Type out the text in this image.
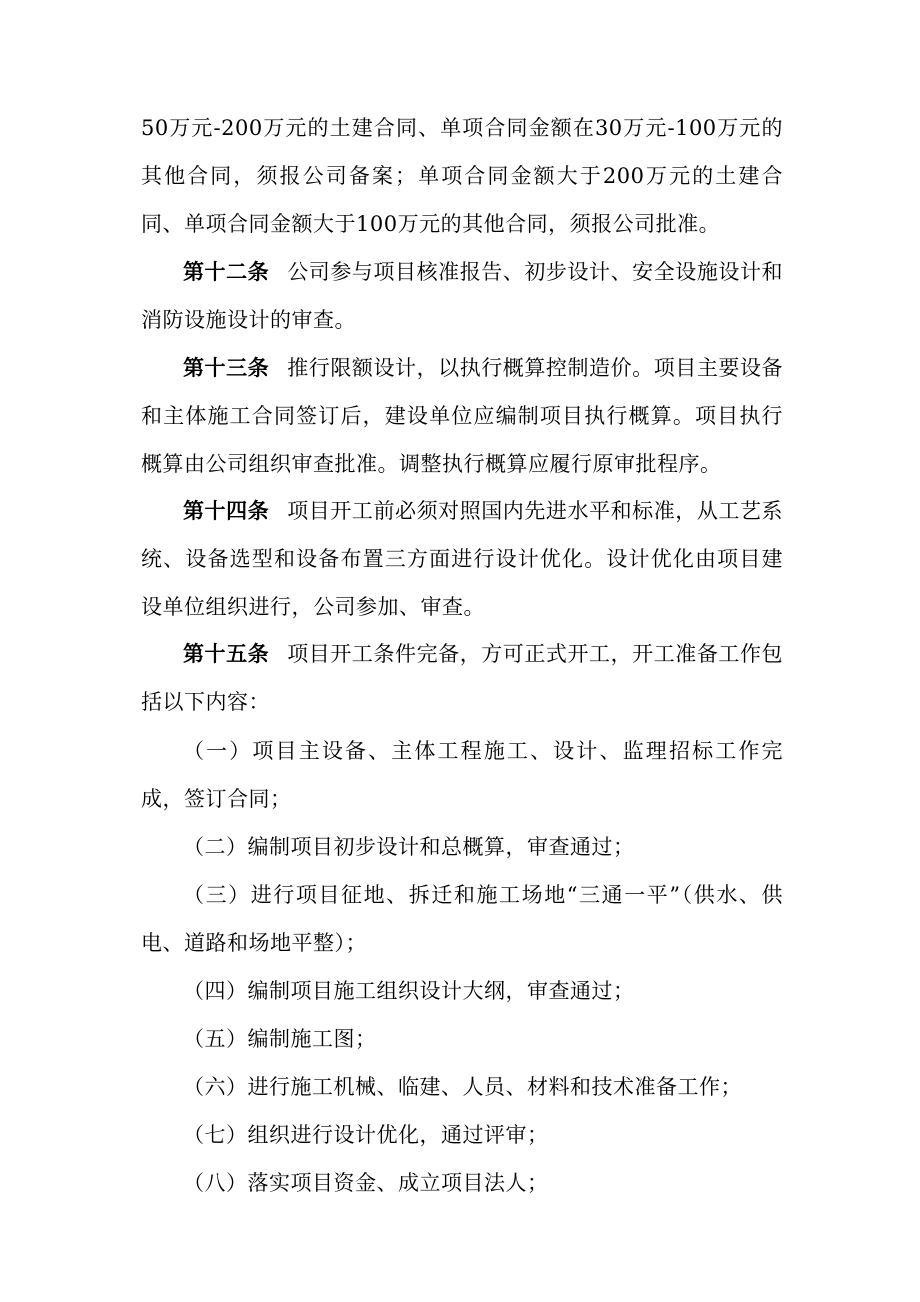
50万元-200万元的土建合同、单项合同金额在30万元-100万元的其他合同，须报公司备案；单项合同金额大于200万元的土建合同、单项合同金额大于100万元的其他合同，须报公司批准。

第十二条 公司参与项目核准报告、初步设计、安全设施设计和消防设施设计的审查。

第十三条 推行限额设计，以执行概算控制造价。项目主要设备和主体施工合同签订后，建设单位应编制项目执行概算。项目执行概算由公司组织审查批准。调整执行概算应履行原审批程序。

第十四条 项目开工前必须对照国内先进水平和标准，从工艺系统、设备选型和设备布置三方面进行设计优化。设计优化由项目建设单位组织进行，公司参加、审查。

第十五条 项目开工条件完备，方可正式开工，开工准备工作包括以下内容：

（一）项目主设备、主体工程施工、设计、监理招标工作完成，签订合同；

（二）编制项目初步设计和总概算，审查通过；

（三）进行项目征地、拆迁和施工场地“三通一平”（供水、供电、道路和场地平整）；

（四）编制项目施工组织设计大纲，审查通过；

（五）编制施工图；

（六）进行施工机械、临建、人员、材料和技术准备工作；

（七）组织进行设计优化，通过评审；

（八）落实项目资金、成立项目法人；
